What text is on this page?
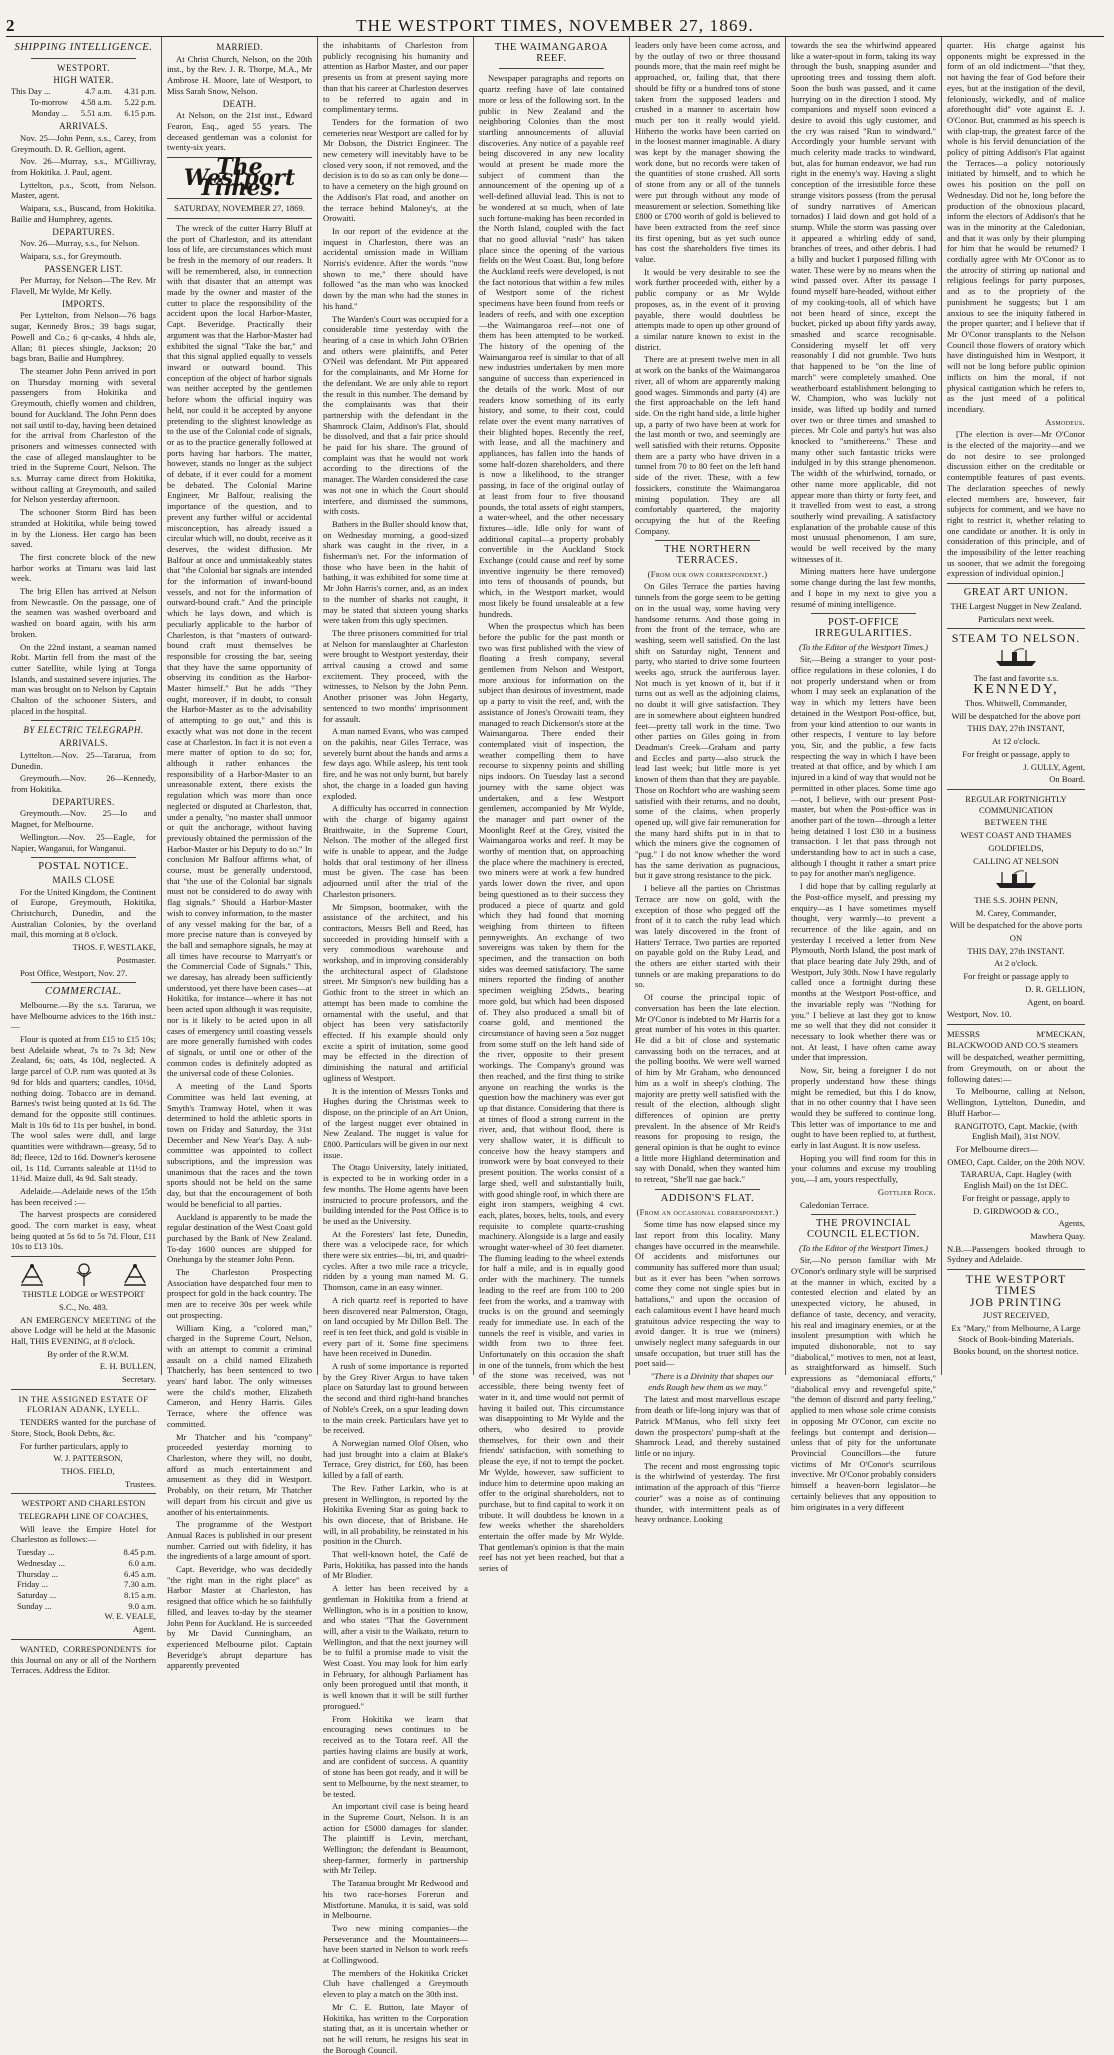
2	THE WESTPORT TIMES, NOVEMBER 27, 1869.
SHIPPING INTELLIGENCE.
WESTPORT.
HIGH WATER.
This Day ...	4.7 a.m.	4.31 p.m.
To-morrow	4.58 a.m.	5.22 p.m.
Monday ...	5.51 a.m.	6.15 p.m.
ARRIVALS.

Nov. 25—John Penn, s.s., Carey, from Greymouth. D. R. Gellion, agent.

Nov. 26—Murray, s.s., M'Gillivray, from Hokitika. J. Paul, agent.

Lyttelton, p.s., Scott, from Nelson. Master, agent.

Waipara, s.s., Buscand, from Hokitika. Bailie and Humphrey, agents.

DEPARTURES.

Nov. 26—Murray, s.s., for Nelson.

Waipara, s.s., for Greymouth.

PASSENGER LIST.

Per Murray, for Nelson—The Rev. Mr Flavell, Mr Wylde, Mr Kelly.

IMPORTS.

Per Lyttelton, from Nelson—76 bags sugar, Kennedy Bros.; 39 bags sugar, Powell and Co.; 6 qr-casks, 4 hhds ale, Allan; 81 pieces shingle, Jackson; 20 bags bran, Bailie and Humphrey.

The steamer John Penn arrived in port on Thursday morning with several passengers from Hokitika and Greymouth, chiefly women and children, bound for Auckland. The John Penn does not sail until to-day, having been detained for the arrival from Charleston of the prisoners and witnesses connected with the case of alleged manslaughter to be tried in the Supreme Court, Nelson. The s.s. Murray came direct from Hokitika, without calling at Greymouth, and sailed for Nelson yesterday afternoon.

The schooner Storm Bird has been stranded at Hokitika, while being towed in by the Lioness. Her cargo has been saved.

The first concrete block of the new harbor works at Timaru was laid last week.

The brig Ellen has arrived at Nelson from Newcastle. On the passage, one of the seamen was washed overboard and washed on board again, with his arm broken.

On the 22nd instant, a seaman named Robt. Martin fell from the mast of the cutter Satellite, while lying at Tonga Islands, and sustained severe injuries. The man was brought on to Nelson by Captain Chalton of the schooner Sisters, and placed in the hospital.

BY ELECTRIC TELEGRAPH.
ARRIVALS.

Lyttelton.—Nov. 25—Tararua, from Dunedin.

Greymouth.—Nov. 26—Kennedy, from Hokitika.

DEPARTURES.

Greymouth.—Nov. 25—Io and Magnet, for Melbourne.

Wellington.—Nov. 25—Eagle, for Napier, Wanganui, for Wanganui.

POSTAL NOTICE.
MAILS CLOSE

For the United Kingdom, the Continent of Europe, Greymouth, Hokitika, Christchurch, Dunedin, and the Australian Colonies, by the overland mail, this morning at 8 o'clock.

THOS. F. WESTLAKE,

Postmaster.

Post Office, Westport, Nov. 27.

COMMERCIAL.

Melbourne.—By the s.s. Tararua, we have Melbourne advices to the 16th inst.:—

Flour is quoted at from £15 to £15 10s; best Adelaide wheat, 7s to 7s 3d; New Zealand, 6s; oats, 4s 10d, neglected. A large parcel of O.P. rum was quoted at 3s 9d for blds and quarters; candles, 10½d, nothing doing. Tobacco are in demand. Barnes's twist being quoted at 1s 6d. The demand for the opposite still continues. Malt is 10s 6d to 11s per bushel, in bond. The wool sales were dull, and large quantities were withdrawn—greasy, 5d to 8d; fleece, 12d to 16d. Downer's kerosene oil, 1s 11d. Currants saleable at 11½d to 11¾d. Maize dull, 4s 9d. Salt steady.

Adelaide.—Adelaide news of the 15th has been received :—

The harvest prospects are considered good. The corn market is easy, wheat being quoted at 5s 6d to 5s 7d. Flour, £11 10s to £13 10s.

THISTLE LODGE or WESTPORT

S.C., No. 483.

AN EMERGENCY MEETING of the above Lodge will be held at the Masonic Hall, THIS EVENING, at 8 o'clock.

By order of the R.W.M.

E. H. BULLEN,

Secretary.

IN THE ASSIGNED ESTATE OF FLORIAN ADANK, LYELL.

TENDERS wanted for the purchase of Store, Stock, Book Debts, &c.

For further particulars, apply to

W. J. PATTERSON,

THOS. FIELD,

Trustees.

WESTPORT AND CHARLESTON

TELEGRAPH LINE OF COACHES,

Will leave the Empire Hotel for Charleston as follows:—

Tuesday ...	8.45 p.m.
Wednesday ...	6.0 a.m.
Thursday ...	6.45 a.m.
Friday ...	7.30 a.m.
Saturday ...	8.15 a.m.
Sunday ...	9.0 a.m.

W. E. VEALE,

Agent.

WANTED, CORRESPONDENTS for this Journal on any or all of the Northern Terraces. Address the Editor.

MARRIED.

At Christ Church, Nelson, on the 20th inst., by the Rev. J. R. Thorpe, M.A., Mr Ambrose H. Moore, late of Westport, to Miss Sarah Snow, Nelson.

DEATH.

At Nelson, on the 21st inst., Edward Fearon, Esq., aged 55 years. The deceased gentleman was a colonist for twenty-six years.

The Westport Times.

SATURDAY, NOVEMBER 27, 1869.

The wreck of the cutter Harry Bluff at the port of Charleston, and its attendant loss of life, are circumstances which must be fresh in the memory of our readers. It will be remembered, also, in connection with that disaster that an attempt was made by the owner and master of the cutter to place the responsibility of the accident upon the local Harbor-Master, Capt. Beveridge. Practically their argument was that the Harbor-Master had exhibited the signal "Take the bar," and that this signal applied equally to vessels inward or outward bound. This conception of the object of harbor signals was neither accepted by the gentlemen before whom the official inquiry was held, nor could it be accepted by anyone pretending to the slightest knowledge as to the use of the Colonial code of signals, or as to the practice generally followed at ports having bar harbors. The matter, however, stands no longer as the subject of debate, if it ever could for a moment be debated. The Colonial Marine Engineer, Mr Balfour, realising the importance of the question, and to prevent any further wilful or accidental misconception, has already issued a circular which will, no doubt, receive as it deserves, the widest diffusion. Mr Balfour at once and unmistakeably states that "the Colonial bar signals are intended for the information of inward-bound vessels, and not for the information of outward-bound craft." And the principle which he lays down, and which is peculiarly applicable to the harbor of Charleston, is that "masters of outward-bound craft must themselves be responsible for crossing the bar, seeing that they have the same opportunity of observing its condition as the Harbor-Master himself." But he adds "They ought, moreover, if in doubt, to consult the Harbor-Master as to the advisability of attempting to go out," and this is exactly what was not done in the recent case at Charleston. In fact it is not even a mere matter of option to do so; for, although it rather enhances the responsibility of a Harbor-Master to an unreasonable extent, there exists the regulation which was more than once neglected or disputed at Charleston, that, under a penalty, "no master shall unmoor or quit the anchorage, without having previously obtained the permission of the Harbor-Master or his Deputy to do so." In conclusion Mr Balfour affirms what, of course, must be generally understood, that "the use of the Colonial bar signals must not be considered to do away with flag signals." Should a Harbor-Master wish to convey information, to the master of any vessel making for the bar, of a more precise nature than is conveyed by the ball and semaphore signals, he may at all times have recourse to Marryatt's or the Commercial Code of Signals." This, we daresay, has already been sufficiently understood, yet there have been cases—at Hokitika, for instance—where it has not been acted upon although it was requisite, nor is it likely to be acted upon in all cases of emergency until coasting vessels are more generally furnished with codes of signals, or until one or other of the common codes is definitely adopted as the universal code of these Colonies.

A meeting of the Land Sports Committee was held last evening, at Smyth's Tramway Hotel, when it was determined to hold the athletic sports in town on Friday and Saturday, the 31st December and New Year's Day. A sub-committee was appointed to collect subscriptions, and the impression was unanimous that the races and the town sports should not be held on the same day, but that the encouragement of both would be beneficial to all parties.

Auckland is apparently to be made the regular destination of the West Coast gold purchased by the Bank of New Zealand. To-day 1600 ounces are shipped for Onehunga by the steamer John Penn.

The Charleston Prospecting Association have despatched four men to prospect for gold in the back country. The men are to receive 30s per week while out prospecting.

William King, a "colored man," charged in the Supreme Court, Nelson, with an attempt to commit a criminal assault on a child named Elizabeth Thatcherly, has been sentenced to two years' hard labor. The only witnesses were the child's mother, Elizabeth Cameron, and Henry Harris. Giles Terrace, where the offence was committed.

Mr Thatcher and his "company" proceeded yesterday morning to Charleston, where they will, no doubt, afford as much entertainment and amusement as they did in Westport. Probably, on their return, Mr Thatcher will depart from his circuit and give us another of his entertainments.

The programme of the Westport Annual Races is published in our present number. Carried out with fidelity, it has the ingredients of a large amount of sport.

Capt. Beveridge, who was decidedly "the right man in the right place" as Harbor Master at Charleston, has resigned that office which he so faithfully filled, and leaves to-day by the steamer John Penn for Auckland. He is succeeded by Mr David Cunningham, an experienced Melbourne pilot. Captain Beveridge's abrupt departure has apparently prevented

the inhabitants of Charleston from publicly recognising his humanity and attention as Harbor Master, and our paper presents us from at present saying more than that his career at Charleston deserves to be referred to again and in complimentary terms.

Tenders for the formation of two cemeteries near Westport are called for by Mr Dobson, the District Engineer. The new cemetery will inevitably have to be closed very soon, if not removed, and the decision is to do so as can only be done—to have a cemetery on the high ground on the Addison's Flat road, and another on the terrace behind Maloney's, at the Orowaiti.

In our report of the evidence at the inquest in Charleston, there was an accidental omission made in William Norris's evidence. After the words "now shown to me," there should have followed "as the man who was knocked down by the man who had the stones in his hand."

The Warden's Court was occupied for a considerable time yesterday with the hearing of a case in which John O'Brien and others were plaintiffs, and Peter O'Neil was defendant. Mr Pitt appeared for the complainants, and Mr Horne for the defendant. We are only able to report the result in this number. The demand by the complainants was that their partnership with the defendant in the Shamrock Claim, Addison's Flat, should be dissolved, and that a fair price should be paid for his share. The ground of complaint was that he would not work according to the directions of the manager. The Warden considered the case was not one in which the Court should interfere, and dismissed the summons, with costs.

Bathers in the Buller should know that, on Wednesday morning, a good-sized shark was caught in the river, in a fisherman's net. For the information of those who have been in the habit of bathing, it was exhibited for some time at Mr John Harris's corner, and, as an index to the number of sharks not caught, it may be stated that sixteen young sharks were taken from this ugly specimen.

The three prisoners committed for trial at Nelson for manslaughter at Charleston were brought to Westport yesterday, their arrival causing a crowd and some excitement. They proceed, with the witnesses, to Nelson by the John Penn. Another prisoner was John Hegarty, sentenced to two months' imprisonment for assault.

A man named Evans, who was camped on the pakihis, near Giles Terrace, was severely burnt about the hands and arms a few days ago. While asleep, his tent took fire, and he was not only burnt, but barely shot, the charge in a loaded gun having exploded.

A difficulty has occurred in connection with the charge of bigamy against Braithwaite, in the Supreme Court, Nelson. The mother of the alleged first wife is unable to appear, and the Judge holds that oral testimony of her illness must be given. The case has been adjourned until after the trial of the Charleston prisoners.

Mr Simpson, bootmaker, with the assistance of the architect, and his contractors, Messrs Bell and Reed, has succeeded in providing himself with a very commodious warehouse and workshop, and in improving considerably the architectural aspect of Gladstone street. Mr Simpson's new building has a Gothic front to the street in which an attempt has been made to combine the ornamental with the useful, and that object has been very satisfactorily effected. If his example should only excite a spirit of imitation, some good may be effected in the direction of diminishing the natural and artificial ugliness of Westport.

It is the intention of Messrs Tonks and Hughes during the Christmas week to dispose, on the principle of an Art Union, of the largest nugget ever obtained in New Zealand. The nugget is value for £800. Particulars will be given in our next issue.

The Otago University, lately initiated, is expected to be in working order in a few months. The Home agents have been instructed to procure professors, and the building intended for the Post Office is to be used as the University.

At the Foresters' last fete, Dunedin, there was a velocipede race, for which there were six entries—bi, tri, and quadri-cycles. After a two mile race a tricycle, ridden by a young man named M. G. Thomson, came in an easy winner.

A rich quartz reef is reported to have been discovered near Palmerston, Otago, on land occupied by Mr Dillon Bell. The reef is ten feet thick, and gold is visible in every part of it. Some fine specimens have been received in Dunedin.

A rush of some importance is reported by the Grey River Argus to have taken place on Saturday last to ground between the second and third right-hand branches of Noble's Creek, on a spur leading down to the main creek. Particulars have yet to be received.

A Norwegian named Olof Olsen, who had just brought into a claim at Blake's Terrace, Grey district, for £60, has been killed by a fall of earth.

The Rev. Father Larkin, who is at present in Wellington, is reported by the Hokitika Evening Star as going back to his own diocese, that of Brisbane. He will, in all probability, be reinstated in his position in the Church.

That well-known hotel, the Café de Paris, Hokitika, has passed into the hands of Mr Blodier.

A letter has been received by a gentleman in Hokitika from a friend at Wellington, who is in a position to know, and who states "That the Government will, after a visit to the Waikato, return to Wellington, and that the next journey will be to fulfil a promise made to visit the West Coast. You may look for him early in February, for although Parliament has only been prorogued until that month, it is well known that it will be still further prorogued."

From Hokitika we learn that encouraging news continues to be received as to the Totara reef. All the parties having claims are busily at work, and are confident of success. A quantity of stone has been got ready, and it will be sent to Melbourne, by the next steamer, to be tested.

An important civil case is being heard in the Supreme Court, Nelson. It is an action for £5000 damages for slander. The plaintiff is Levin, merchant, Wellington; the defendant is Beaumont, sheep-farmer, formerly in partnership with Mr Teilep.

The Taranua brought Mr Redwood and his two race-horses Forerun and Mistfortune. Manuka, it is said, was sold in Melbourne.

Two new mining companies—the Perseverance and the Mountaineers—have been started in Nelson to work reefs at Collingwood.

The members of the Hokitika Cricket Club have challenged a Greymouth eleven to play a match on the 30th inst.

Mr C. E. Button, late Mayor of Hokitika, has written to the Corporation stating that, as it is uncertain whether or not he will return, he resigns his seat in the Borough Council.

THE WAIMANGAROA REEF.

Newspaper paragraphs and reports on quartz reefing have of late contained more or less of the following sort. In the public in New Zealand and the neighboring Colonies than the most startling announcements of alluvial discoveries. Any notice of a payable reef being discovered in any new locality would at present be made more the subject of comment than the announcement of the opening up of a well-defined alluvial lead. This is not to be wondered at so much, when of late such fortune-making has been recorded in the North Island, coupled with the fact that no good alluvial "rush" has taken place since the opening of the various fields on the West Coast. But, long before the Auckland reefs were developed, is not the fact notorious that within a few miles of Westport some of the richest specimens have been found from reefs or leaders of reefs, and with one exception—the Waimangaroa reef—not one of them has been attempted to be worked. The history of the opening of the Waimangaroa reef is similar to that of all new industries undertaken by men more sanguine of success than experienced in the details of the work. Most of our readers know something of its early history, and some, to their cost, could relate over the event many narratives of their blighted hopes. Recently the reef, with lease, and all the machinery and appliances, has fallen into the hands of some half-dozen shareholders, and there is now a likelihood, to the stranger passing, in face of the original outlay of at least from four to five thousand pounds, the total assets of eight stampers, a water-wheel, and the other necessary fixtures—idle. Idle only for want of additional capital—a property probably convertible in the Auckland Stock Exchange (could cause and reef by some inventive ingenuity be there removed) into tens of thousands of pounds, but which, in the Westport market, would most likely be found unsaleable at a few hundreds.

When the prospectus which has been before the public for the past month or two was first published with the view of floating a fresh company, several gentlemen from Nelson and Westport, more anxious for information on the subject than desirous of investment, made up a party to visit the reef, and, with the assistance of Jones's Orowaiti team, they managed to reach Dickenson's store at the Waimangaroa. There ended their contemplated visit of inspection, the weather compelling them to have recourse to sixpenny points and shilling nips indoors. On Tuesday last a second journey with the same object was undertaken, and a few Westport gentlemen, accompanied by Mr Wylde, the manager and part owner of the Moonlight Reef at the Grey, visited the Waimangaroa works and reef. It may be worthy of mention that, on approaching the place where the machinery is erected, two miners were at work a few hundred yards lower down the river, and upon being questioned as to their success they produced a piece of quartz and gold which they had found that morning weighing from thirteen to fifteen pennyweights. An exchange of two sovereigns was taken by them for the specimen, and the transaction on both sides was deemed satisfactory. The same miners reported the finding of another specimen weighing 25dwts., bearing more gold, but which had been disposed of. They also produced a small bit of coarse gold, and mentioned the circumstance of having seen a 5oz nugget from some stuff on the left hand side of the river, opposite to their present workings. The Company's ground was then reached, and the first thing to strike anyone on reaching the works is the question how the machinery was ever got up that distance. Considering that there is at times of flood a strong current in the river, and, that without flood, there is very shallow water, it is difficult to conceive how the heavy stampers and ironwork were by boat conveyed to their present position. The works consist of a large shed, well and substantially built, with good shingle roof, in which there are eight iron stampers, weighing 4 cwt. each, plates, boxes, belts, tools, and every requisite to complete quartz-crushing machinery. Alongside is a large and easily wrought water-wheel of 30 feet diameter. The fluming leading to the wheel extends for half a mile, and is in equally good order with the machinery. The tunnels leading to the reef are from 100 to 200 feet from the works, and a tramway with trucks is on the ground and seemingly ready for immediate use. In each of the tunnels the reef is visible, and varies in width from two to three feet. Unfortunately on this occasion the shaft in one of the tunnels, from which the best of the stone was received, was not accessible, there being twenty feet of water in it, and time would not permit of having it bailed out. This circumstance was disappointing to Mr Wylde and the others, who desired to provide themselves, for their own and their friends' satisfaction, with something to please the eye, if not to tempt the pocket. Mr Wylde, however, saw sufficient to induce him to determine upon making an offer to the original shareholders, not to purchase, but to find capital to work it on tribute. It will doubtless be known in a few weeks whether the shareholders entertain the offer made by Mr Wylde. That gentleman's opinion is that the main reef has not yet been reached, but that a series of

leaders only have been come across, and by the outlay of two or three thousand pounds more, that the main reef might be approached, or, failing that, that there should be fifty or a hundred tons of stone taken from the supposed leaders and crushed in a manner to ascertain how much per ton it really would yield. Hitherto the works have been carried on in the loosest manner imaginable. A diary was kept by the manager showing the work done, but no records were taken of the quantities of stone crushed. All sorts of stone from any or all of the tunnels were put through without any mode of measurement or selection. Something like £800 or £700 worth of gold is believed to have been extracted from the reef since its first opening, but as yet such ounce has cost the shareholders five times its value.

It would be very desirable to see the work further proceeded with, either by a public company or as Mr Wylde proposes, as, in the event of it proving payable, there would doubtless be attempts made to open up other ground of a similar nature known to exist in the district.

There are at present twelve men in all at work on the banks of the Waimangaroa river, all of whom are apparently making good wages. Simmonds and party (4) are the first approachable on the left hand side. On the right hand side, a little higher up, a party of two have been at work for the last month or two, and seemingly are well satisfied with their returns. Opposite them are a party who have driven in a tunnel from 70 to 80 feet on the left hand side of the river. These, with a few fossickers, constitute the Waimangaroa mining population. They are all comfortably quartered, the majority occupying the hut of the Reefing Company.

THE NORTHERN TERRACES.

(From our own correspondent.)

On Giles Terrace the parties having tunnels from the gorge seem to be getting on in the usual way, some having very handsome returns. And those going in from the front of the terrace, who are washing, seem well satisfied. On the last shift on Saturday night, Tennent and party, who started to drive some fourteen weeks ago, struck the auriferous layer. Not much is yet known of it, but if it turns out as well as the adjoining claims, no doubt it will give satisfaction. They are in somewhere about eighteen hundred feet—pretty tall work in the time. Two other parties on Giles going in from Deadman's Creek—Graham and party and Eccles and party—also struck the lead last week; but little more is yet known of them than that they are payable. Those on Rochfort who are washing seem satisfied with their returns, and no doubt, some of the claims, when properly opened up, will give fair remuneration for the many hard shifts put in in that to which the miners give the cognomen of "pug." I do not know whether the word has the same derivation as pugnacious, but it gave strong resistance to the pick.

I believe all the parties on Christmas Terrace are now on gold, with the exception of those who pegged off the front of it to catch the ruby lead which was lately discovered in the front of Hatters' Terrace. Two parties are reported on payable gold on the Ruby Lead, and the others are either started with their tunnels or are making preparations to do so.

Of course the principal topic of conversation has been the late election. Mr O'Conor is indebted to Mr Harris for a great number of his votes in this quarter. He did a bit of close and systematic canvassing both on the terraces, and at the polling booths. We were well warned of him by Mr Graham, who denounced him as a wolf in sheep's clothing. The majority are pretty well satisfied with the result of the election, although slight differences of opinion are pretty prevalent. In the absence of Mr Reid's reasons for proposing to resign, the general opinion is that he ought to evince a little more Highland determination and say with Donald, when they wanted him to retreat, "She'll nae gae back."

ADDISON'S FLAT.

(From an occasional correspondent.)

Some time has now elapsed since my last report from this locality. Many changes have occurred in the meanwhile. Of accidents and misfortunes our community has suffered more than usual; but as it ever has been "when sorrows come they come not single spies but in battalions," and upon the occasion of each calamitous event I have heard much gratuitous advice respecting the way to avoid danger. It is true we (miners) unwisely neglect many safeguards in our unsafe occupation, but truer still has the poet said—

"There is a Divinity that shapes our ends Rough hew them as we may."

The latest and most marvellous escape from death or life-long injury was that of Patrick M'Manus, who fell sixty feet down the prospectors' pump-shaft at the Shamrock Lead, and thereby sustained little or no injury.

The recent and most engrossing topic is the whirlwind of yesterday. The first intimation of the approach of this "fierce courier" was a noise as of continuing thunder, with intermittent peals as of heavy ordnance. Looking

towards the sea the whirlwind appeared like a water-spout in form, taking its way through the bush, snapping asunder and uprooting trees and tossing them aloft. Soon the bush was passed, and it came hurrying on in the direction I stood. My companions and myself soon evinced a desire to avoid this ugly customer, and the cry was raised "Run to windward." Accordingly your humble servant with much celerity made tracks to windward, but, alas for human endeavor, we had run right in the enemy's way. Having a slight conception of the irresistible force these strange visitors possess (from the perusal of sundry narratives of American tornados) I laid down and got hold of a stump. While the storm was passing over it appeared a whirling eddy of sand, branches of trees, and other debris. I had a billy and bucket I purposed filling with water. These were by no means when the wind passed over. After its passage I found myself bare-headed, without either of my cooking-tools, all of which have not been heard of since, except the bucket, picked up about fifty yards away, smashed and scarce recognisable. Considering myself let off very reasonably I did not grumble. Two huts that happened to be "on the line of march" were completely smashed. One weatherboard establishment belonging to W. Champion, who was luckily not inside, was lifted up bodily and turned over two or three times and smashed to pieces. Mr Cole and party's hut was also knocked to "smithereens." These and many other such fantastic tricks were indulged in by this strange phenomenon. The width of the whirlwind, tornado, or other name more applicable, did not appear more than thirty or forty feet, and it travelled from west to east, a strong southerly wind prevailing. A satisfactory explanation of the probable cause of this most unusual phenomenon, I am sure, would be well received by the many witnesses of it.

Mining matters here have undergone some change during the last few months, and I hope in my next to give you a resumé of mining intelligence.

POST-OFFICE IRREGULARITIES.

(To the Editor of the Westport Times.)

Sir,—Being a stranger to your post-office regulations in these colonies, I do not properly understand when or from whom I may seek an explanation of the way in which my letters have been detained in the Westport Post-office, but, from your kind attention to our wants in other respects, I venture to lay before you, Sir, and the public, a few facts respecting the way in which I have been treated at that office, and by which I am injured in a kind of way that would not be permitted in other places. Some time ago—not, I believe, with our present Post-master, but when the Post-office was in another part of the town—through a letter being detained I lost £30 in a business transaction. I let that pass through not understanding how to act in such a case, although I thought it rather a smart price to pay for another man's negligence.

I did hope that by calling regularly at the Post-office myself, and pressing my enquiry—as I have sometimes myself thought, very warmly—to prevent a recurrence of the like again, and on yesterday I received a letter from New Plymouth, North Island, the post mark of that place bearing date July 29th, and of Westport, July 30th. Now I have regularly called once a fortnight during these months at the Westport Post-office, and the invariable reply was "Nothing for you." I believe at last they got to know me so well that they did not consider it necessary to look whether there was or not. At least, I have often came away under that impression.

Now, Sir, being a foreigner I do not properly understand how these things might be remedied, but this I do know, that in no other country that I have seen would they be suffered to continue long. This letter was of importance to me and ought to have been replied to, at furthest, early in last August. It is now useless.

Hoping you will find room for this in your columns and excuse my troubling you,—I am, yours respectfully,

Gottlieb Rock.

Caledonian Terrace.

THE PROVINCIAL COUNCIL ELECTION.

(To the Editor of the Westport Times.)

Sir,—No person familiar with Mr O'Conor's ordinary style will be surprised at the manner in which, excited by a contested election and elated by an unexpected victory, he abused, in defiance of taste, decency, and veracity, his real and imaginary enemies, or at the insolent presumption with which he imputed dishonorable, not to say "diabolical," motives to men, not at least, as straightforward as himself. Such expressions as "demoniacal efforts," "diabolical envy and revengeful spite," "the demon of discord and party feeling," applied to men whose sole crime consists in opposing Mr O'Conor, can excite no feelings but contempt and derision—unless that of pity for the unfortunate Provincial Councillors—the future victims of Mr O'Conor's scurrilous invective. Mr O'Conor probably considers himself a heaven-born legislator—he certainly believes that any opposition to him originates in a very different

quarter. His charge against his opponents might be expressed in the form of an old indictment—"that they, not having the fear of God before their eyes, but at the instigation of the devil, feloniously, wickedly, and of malice aforethought did" vote against E. J. O'Conor. But, crammed as his speech is with clap-trap, the greatest farce of the whole is his fervid denunciation of the policy of pitting Addison's Flat against the Terraces—a policy notoriously initiated by himself, and to which he owes his position on the poll on Wednesday. Did not he, long before the production of the obnoxious placard, inform the electors of Addison's that he was in the minority at the Caledonian, and that it was only by their plumping for him that he would be returned? I cordially agree with Mr O'Conor as to the atrocity of stirring up national and religious feelings for party purposes, and as to the propriety of the punishment he suggests; but I am anxious to see the iniquity fathered in the proper quarter; and I believe that if Mr O'Conor transplants to the Nelson Council those flowers of oratory which have distinguished him in Westport, it will not be long before public opinion inflicts on him the moral, if not physical castigation which he refers to, as the just meed of a political incendiary.

Asmodeus.

[The election is over—Mr O'Conor is the elected of the majority—and we do not desire to see prolonged discussion either on the creditable or contemptible features of past events. The declaration speeches of newly elected members are, however, fair subjects for comment, and we have no right to restrict it, whether relating to one candidate or another. It is only in consideration of this principle, and of the impossibility of the letter reaching us sooner, that we admit the foregoing expression of individual opinion.]

GREAT ART UNION.

THE Largest Nugget in New Zealand.

Particulars next week.

STEAM TO NELSON.

The fast and favorite s.s.

KENNEDY,

Thos. Whitwell, Commander,

Will be despatched for the above port

THIS DAY, 27th INSTANT,

At 12 o'clock.

For freight or passage, apply to

J. GULLY, Agent,

On Board.

REGULAR FORTNIGHTLY COMMUNICATION

BETWEEN THE

WEST COAST AND THAMES

GOLDFIELDS,

CALLING AT NELSON

THE S.S. JOHN PENN,

M. Carey, Commander,

Will be despatched for the above ports

ON

THIS DAY, 27th INSTANT.

At 2 o'clock.

For freight or passage apply to

D. R. GELLION,

Agent, on board.

Westport, Nov. 10.

MESSRS M'MECKAN, BLACKWOOD AND CO.'S steamers

will be despatched, weather permitting, from Greymouth, on or about the following dates:—

To Melbourne, calling at Nelson, Wellington, Lyttelton, Dunedin, and Bluff Harbor—

RANGITOTO, Capt. Mackie, (with English Mail), 31st NOV.

For Melbourne direct—

OMEO, Capt. Calder, on the 20th NOV.

TARARUA, Capt. Hagley (with English Mail) on the 1st DEC.

For freight or passage, apply to

D. GIRDWOOD & CO.,

Agents,

Mawhera Quay.

N.B.—Passengers booked through to Sydney and Adelaide.

THE WESTPORT TIMES

JOB PRINTING

JUST RECEIVED,

Ex "Mary," from Melbourne, A Large Stock of Book-binding Materials.

Books bound, on the shortest notice.
